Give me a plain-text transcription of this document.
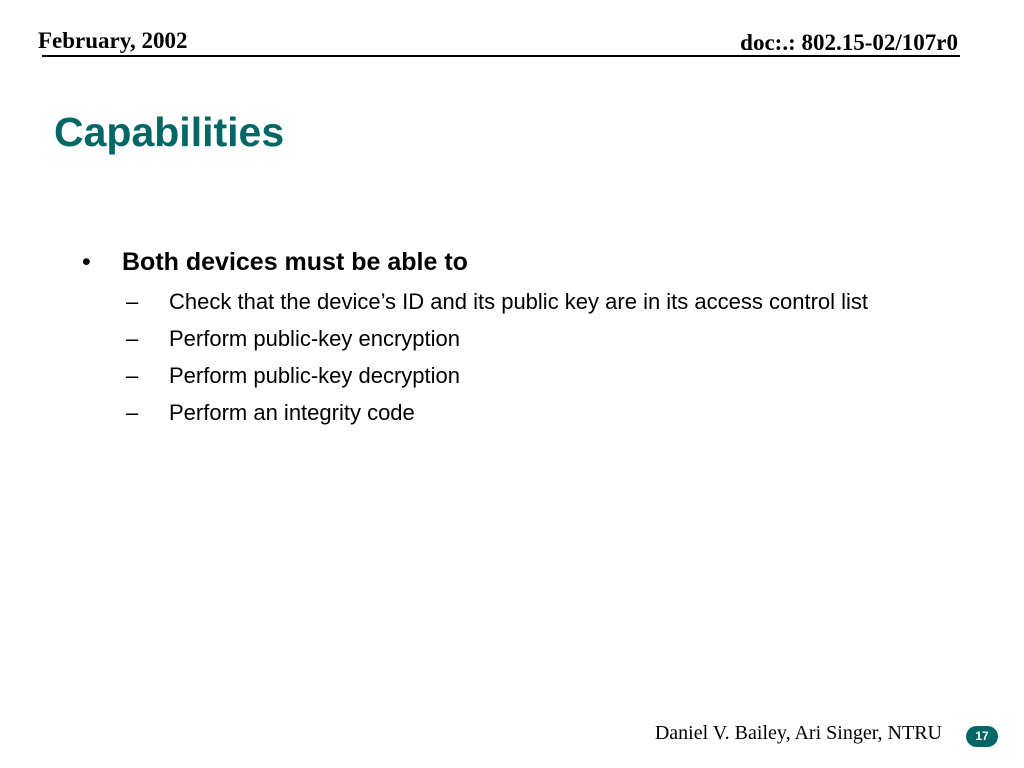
February, 2002	doc:.: 802.15-02/107r0
Capabilities
• Both devices must be able to
– Check that the device’s ID and its public key are in its access control list
– Perform public-key encryption
– Perform public-key decryption
– Perform an integrity code
Daniel V. Bailey, Ari Singer, NTRU	17
